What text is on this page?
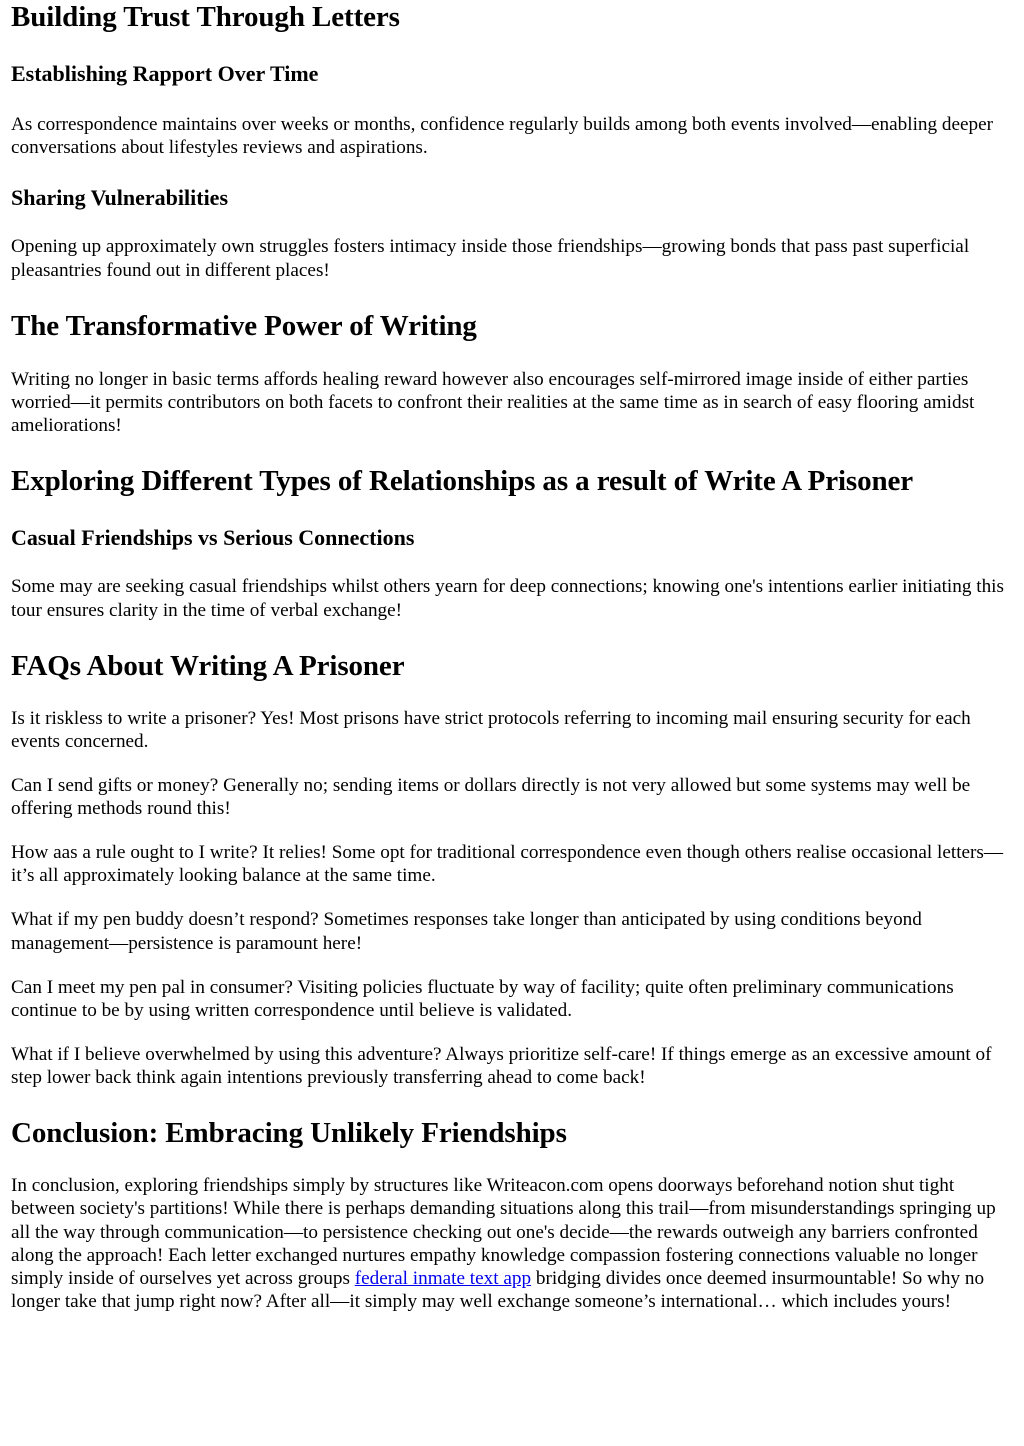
Building Trust Through Letters
Establishing Rapport Over Time

As correspondence maintains over weeks or months, confidence regularly builds among both events involved—enabling deeper conversations about lifestyles reviews and aspirations.

Sharing Vulnerabilities

Opening up approximately own struggles fosters intimacy inside those friendships—growing bonds that pass past superficial pleasantries found out in different places!

The Transformative Power of Writing

Writing no longer in basic terms affords healing reward however also encourages self-mirrored image inside of either parties worried—it permits contributors on both facets to confront their realities at the same time as in search of easy flooring amidst ameliorations!

Exploring Different Types of Relationships as a result of Write A Prisoner
Casual Friendships vs Serious Connections

Some may are seeking casual friendships whilst others yearn for deep connections; knowing one's intentions earlier initiating this tour ensures clarity in the time of verbal exchange!

FAQs About Writing A Prisoner

Is it riskless to write a prisoner? Yes! Most prisons have strict protocols referring to incoming mail ensuring security for each events concerned.

Can I send gifts or money? Generally no; sending items or dollars directly is not very allowed but some systems may well be offering methods round this!

How aas a rule ought to I write? It relies! Some opt for traditional correspondence even though others realise occasional letters—it’s all approximately looking balance at the same time.

What if my pen buddy doesn’t respond? Sometimes responses take longer than anticipated by using conditions beyond management—persistence is paramount here!

Can I meet my pen pal in consumer? Visiting policies fluctuate by way of facility; quite often preliminary communications continue to be by using written correspondence until believe is validated.

What if I believe overwhelmed by using this adventure? Always prioritize self-care! If things emerge as an excessive amount of step lower back think again intentions previously transferring ahead to come back!

Conclusion: Embracing Unlikely Friendships

In conclusion, exploring friendships simply by structures like Writeacon.com opens doorways beforehand notion shut tight between society's partitions! While there is perhaps demanding situations along this trail—from misunderstandings springing up all the way through communication—to persistence checking out one's decide—the rewards outweigh any barriers confronted along the approach! Each letter exchanged nurtures empathy knowledge compassion fostering connections valuable no longer simply inside of ourselves yet across groups federal inmate text app bridging divides once deemed insurmountable! So why no longer take that jump right now? After all—it simply may well exchange someone’s international… which includes yours!
